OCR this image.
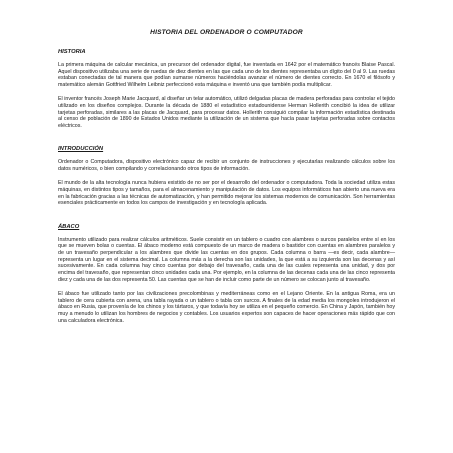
HISTORIA DEL ORDENADOR O COMPUTADOR
HISTORIA

La primera máquina de calcular mecánica, un precursor del ordenador digital, fue inventada en 1642 por el matemático francés Blaise Pascal. Aquel dispositivo utilizaba una serie de ruedas de diez dientes en las que cada uno de los dientes representaba un dígito del 0 al 9. Las ruedas estaban conectadas de tal manera que podían sumarse números haciéndolas avanzar el número de dientes correcto. En 1670 el filósofo y matemático alemán Gottfried Wilhelm Leibniz perfeccionó esta máquina e inventó una que también podía multiplicar.

El inventor francés Joseph Marie Jacquard, al diseñar un telar automático, utilizó delgadas placas de madera perforadas para controlar el tejido utilizado en los diseños complejos. Durante la década de 1880 el estadístico estadounidense Herman Hollerith concibió la idea de utilizar tarjetas perforadas, similares a las placas de Jacquard, para procesar datos. Hollerith consiguió compilar la información estadística destinada al censo de población de 1890 de Estados Unidos mediante la utilización de un sistema que hacía pasar tarjetas perforadas sobre contactos eléctricos.

INTRODUCCIÓN

Ordenador o Computadora, dispositivo electrónico capaz de recibir un conjunto de instrucciones y ejecutarlas realizando cálculos sobre los datos numéricos, o bien compilando y correlacionando otros tipos de información.

El mundo de la alta tecnología nunca hubiera existido de no ser por el desarrollo del ordenador o computadora. Toda la sociedad utiliza estas máquinas, en distintos tipos y tamaños, para el almacenamiento y manipulación de datos. Los equipos informáticos han abierto una nueva era en la fabricación gracias a las técnicas de automatización, y han permitido mejorar los sistemas modernos de comunicación. Son herramientas esenciales prácticamente en todos los campos de investigación y en tecnología aplicada.

ÁBACO

Instrumento utilizado para realizar cálculos aritméticos. Suele consistir en un tablero o cuadro con alambres o surcos paralelos entre sí en los que se mueven bolas o cuentas. El ábaco moderno está compuesto de un marco de madera o bastidor con cuentas en alambres paralelos y de un travesaño perpendicular a los alambres que divide las cuentas en dos grupos. Cada columna o barra —es decir, cada alambre— representa un lugar en el sistema decimal. La columna más a la derecha son las unidades, la que está a su izquierda son las decenas y así sucesivamente. En cada columna hay cinco cuentas por debajo del travesaño, cada una de las cuales representa una unidad, y dos por encima del travesaño, que representan cinco unidades cada una. Por ejemplo, en la columna de las decenas cada una de las cinco representa diez y cada una de las dos representa 50. Las cuentas que se han de incluir como parte de un número se colocan junto al travesaño.

El ábaco fue utilizado tanto por las civilizaciones precolombinas y mediterráneas como en el Lejano Oriente. En la antigua Roma, era un tablero de cera cubierta con arena, una tabla rayada o un tablero o tabla con surcos. A finales de la edad media los mongoles introdujeron el ábaco en Rusia, que provenía de los chinos y los tártaros, y que todavía hoy se utiliza en el pequeño comercio. En China y Japón, también hoy muy a menudo lo utilizan los hombres de negocios y contables. Los usuarios expertos son capaces de hacer operaciones más rápido que con una calculadora electrónica.
